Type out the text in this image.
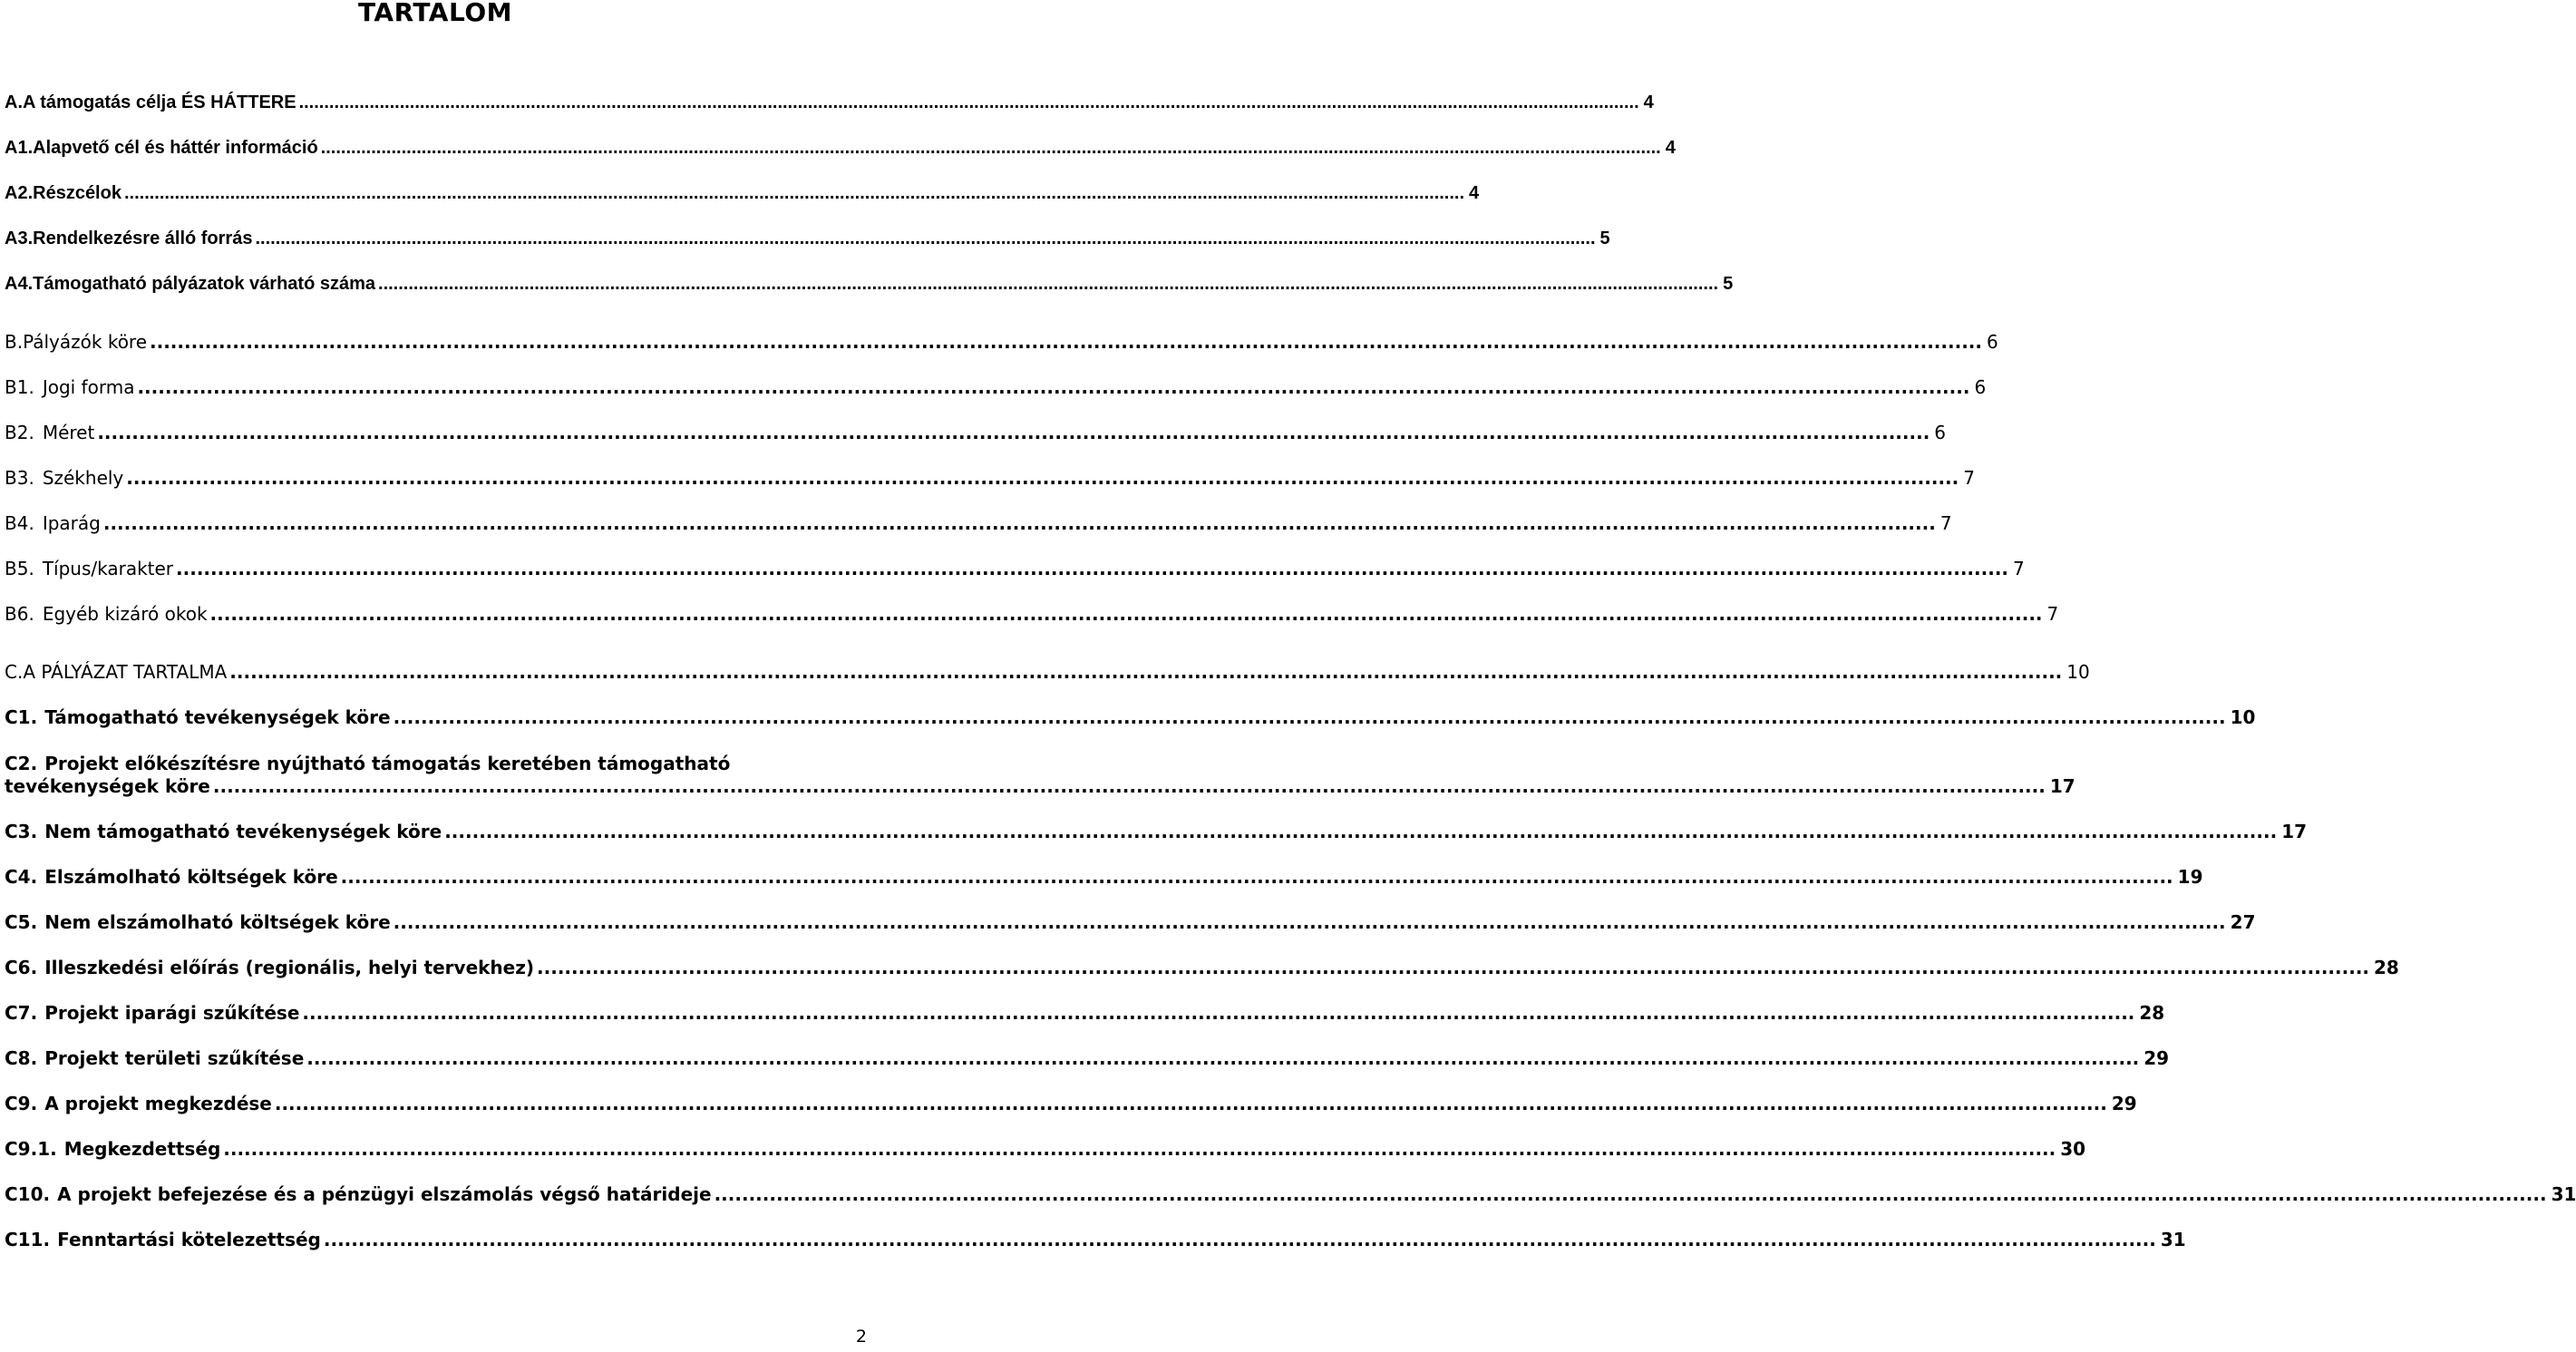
TARTALOM
A. A támogatás célja ÉS HÁTTERE .....	4
A1. Alapvető cél és háttér információ .....	4
A2. Részcélok .....	4
A3. Rendelkezésre álló forrás .....	5
A4. Támogatható pályázatok várható száma .....	5
B. Pályázók köre .....	6
B1. Jogi forma .....	6
B2. Méret .....	6
B3. Székhely .....	7
B4. Iparág .....	7
B5. Típus/karakter .....	7
B6. Egyéb kizáró okok .....	7
C. A PÁLYÁZAT TARTALMA .....	10
C1. Támogatható tevékenységek köre .....	10
C2. Projekt előkészítésre nyújtható támogatás keretében támogatható
tevékenységek köre .....	17
C3. Nem támogatható tevékenységek köre .....	17
C4. Elszámolható költségek köre .....	19
C5. Nem elszámolható költségek köre .....	27
C6. Illeszkedési előírás (regionális, helyi tervekhez) .....	28
C7. Projekt iparági szűkítése .....	28
C8. Projekt területi szűkítése .....	29
C9. A projekt megkezdése .....	29
C9.1. Megkezdettség .....	30
C10. A projekt befejezése és a pénzügyi elszámolás végső határideje .....	31
C11. Fenntartási kötelezettség .....	31
2
